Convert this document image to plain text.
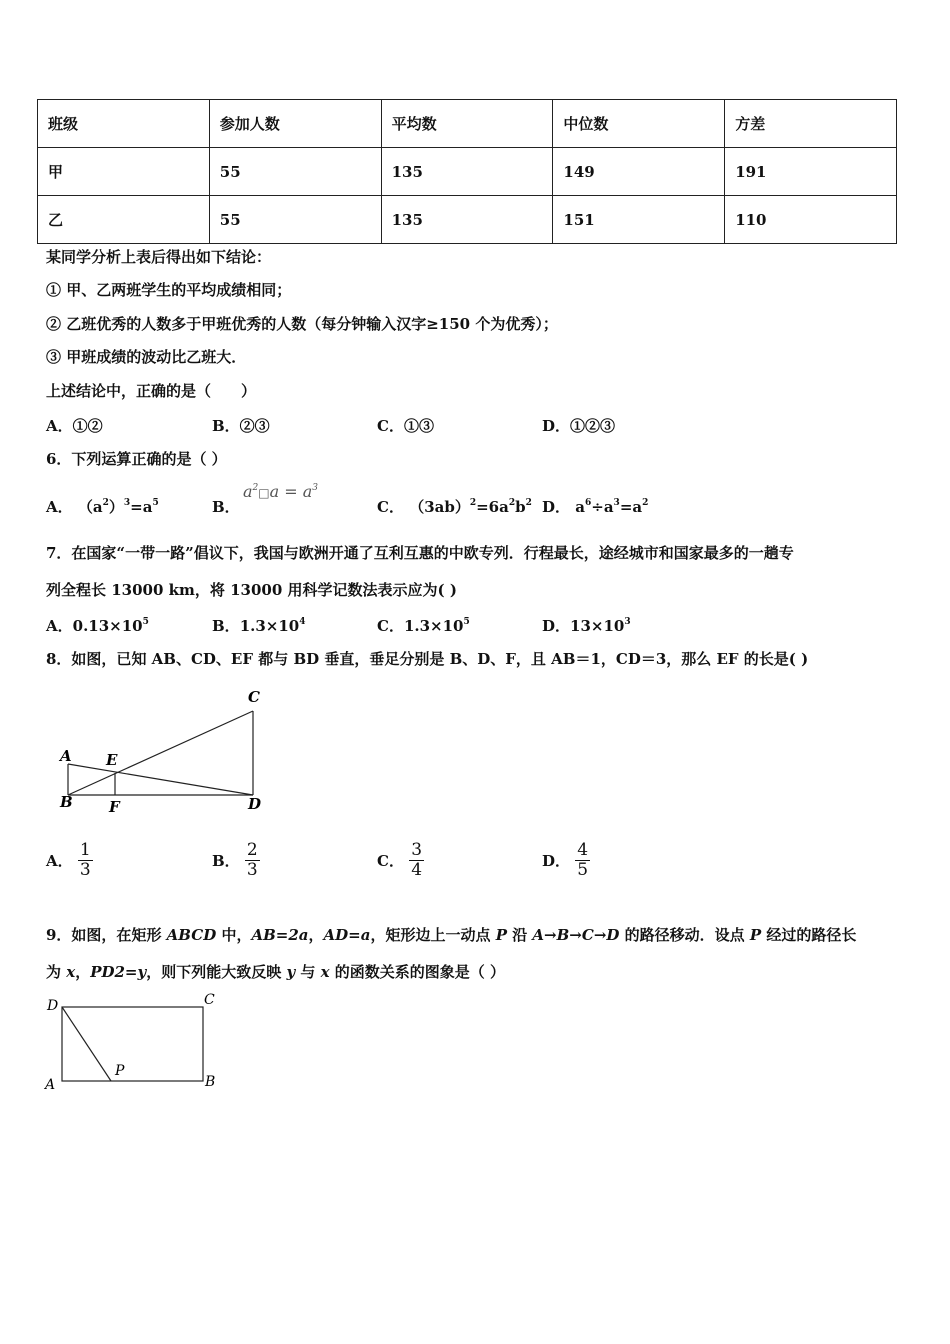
班级	参加人数	平均数	中位数	方差
甲	55	135	149	191
乙	55	135	151	110
某同学分析上表后得出如下结论：
① 甲、乙两班学生的平均成绩相同；
② 乙班优秀的人数多于甲班优秀的人数（每分钟输入汉字≥150 个为优秀）；
③ 甲班成绩的波动比乙班大．
上述结论中，正确的是（　　）
A．①②	B．②③	C．①③	D．①②③
6．下列运算正确的是（ ）
A． $(a^2)^3=a^5$	B．
$a^2□a = a^3$
C． $(3ab)^2=6a^2b^2$ D． $a^6\div a^3=a^2$
7．在国家“一带一路”倡议下，我国与欧洲开通了互利互惠的中欧专列．行程最长，途经城市和国家最多的一趟专
列全程长 13000 km，将 13000 用科学记数法表示应为( )
A．$0.13\times 10^5$	B．$1.3\times 10^4$	C．$1.3\times 10^5$	D．$13\times 10^3$
8．如图，已知 AB、CD、EF 都与 BD 垂直，垂足分别是 B、D、F，且 AB＝1，CD＝3，那么 EF 的长是( )
A
B
C
D
E
F
A． $\frac{1}{3}$	B． $\frac{2}{3}$	C． $\frac{3}{4}$	D． $\frac{4}{5}$
9．如图，在矩形 ABCD 中，AB=2a，AD=a，矩形边上一动点 P 沿 A→B→C→D 的路径移动．设点 P 经过的路径长
为 x，PD2=y，则下列能大致反映 y 与 x 的函数关系的图象是（ ）
D	C
A	B
P
